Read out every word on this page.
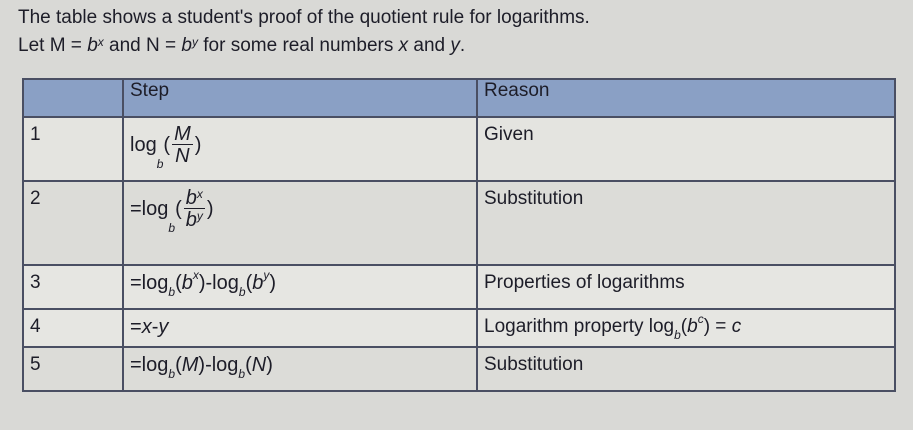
The table shows a student's proof of the quotient rule for logarithms.
Let $M = b^x$ and $N = b^y$ for some real numbers x and y.
	Step	Reason
1	$\log_b( \frac{M}{N}$ )	Given
2	$=\log_b( \frac{b^x}{b^y}$ )	Substitution
3	$=\log_b(b^x)-\log_b(b^y)$	Properties of logarithms
4	=x-y	Logarithm property $\log_b(b^c) = c$
5	$=\log_b(M)-\log_b(N)$	Substitution
